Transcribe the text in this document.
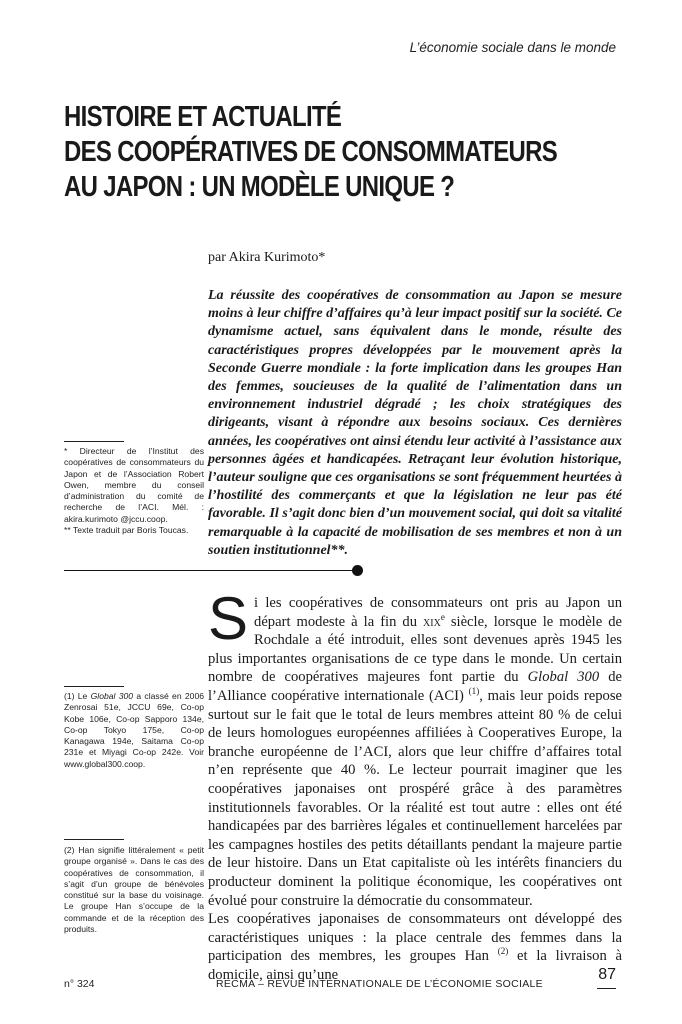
L’économie sociale dans le monde
HISTOIRE ET ACTUALITÉ
DES COOPÉRATIVES DE CONSOMMATEURS
AU JAPON : UN MODÈLE UNIQUE ?
par Akira Kurimoto*
La réussite des coopératives de consommation au Japon se mesure moins à leur chiffre d’affaires qu’à leur impact positif sur la société. Ce dynamisme actuel, sans équivalent dans le monde, résulte des caractéristiques propres développées par le mouvement après la Seconde Guerre mondiale : la forte implication dans les groupes Han des femmes, soucieuses de la qualité de l’alimentation dans un environnement industriel dégradé ; les choix stratégiques des dirigeants, visant à répondre aux besoins sociaux. Ces dernières années, les coopératives ont ainsi étendu leur activité à l’assistance aux personnes âgées et handicapées. Retraçant leur évolution historique, l’auteur souligne que ces organisations se sont fréquemment heurtées à l’hostilité des commerçants et que la législation ne leur pas été favorable. Il s’agit donc bien d’un mouvement social, qui doit sa vitalité remarquable à la capacité de mobilisation de ses membres et non à un soutien institutionnel**.
* Directeur de l’Institut des coopératives de consommateurs du Japon et de l’Association Robert Owen, membre du conseil d’administration du comité de recherche de l’ACI. Mél. : akira.kurimoto @jccu.coop.
** Texte traduit par Boris Toucas.
(1) Le Global 300 a classé en 2006 Zenrosai 51e, JCCU 69e, Co-op Kobe 106e, Co-op Sapporo 134e, Co-op Tokyo 175e, Co-op Kanagawa 194e, Saitama Co-op 231e et Miyagi Co-op 242e. Voir www.global300.coop.
(2) Han signifie littéralement « petit groupe organisé ». Dans le cas des coopératives de consommation, il s’agit d’un groupe de bénévoles constitué sur la base du voisinage. Le groupe Han s’occupe de la commande et de la réception des produits.

Si les coopératives de consommateurs ont pris au Japon un départ modeste à la fin du xix$^e$ siècle, lorsque le modèle de Rochdale a été introduit, elles sont devenues après 1945 les plus importantes organisations de ce type dans le monde. Un certain nombre de coopératives majeures font partie du Global 300 de l’Alliance coopérative internationale (ACI) $^{(1)}$, mais leur poids repose surtout sur le fait que le total de leurs membres atteint 80 % de celui de leurs homologues européennes affiliées à Cooperatives Europe, la branche européenne de l’ACI, alors que leur chiffre d’affaires total n’en représente que 40 %. Le lecteur pourrait imaginer que les coopératives japonaises ont prospéré grâce à des paramètres institutionnels favorables. Or la réalité est tout autre : elles ont été handicapées par des barrières légales et continuellement harcelées par les campagnes hostiles des petits détaillants pendant la majeure partie de leur histoire. Dans un Etat capitaliste où les intérêts financiers du producteur dominent la politique économique, les coopératives ont évolué pour construire la démocratie du consommateur.

Les coopératives japonaises de consommateurs ont développé des caractéristiques uniques : la place centrale des femmes dans la participation des membres, les groupes Han $^{(2)}$ et la livraison à domicile, ainsi qu’une

n° 324	RECMA – REVUE INTERNATIONALE DE L’ÉCONOMIE SOCIALE
87
